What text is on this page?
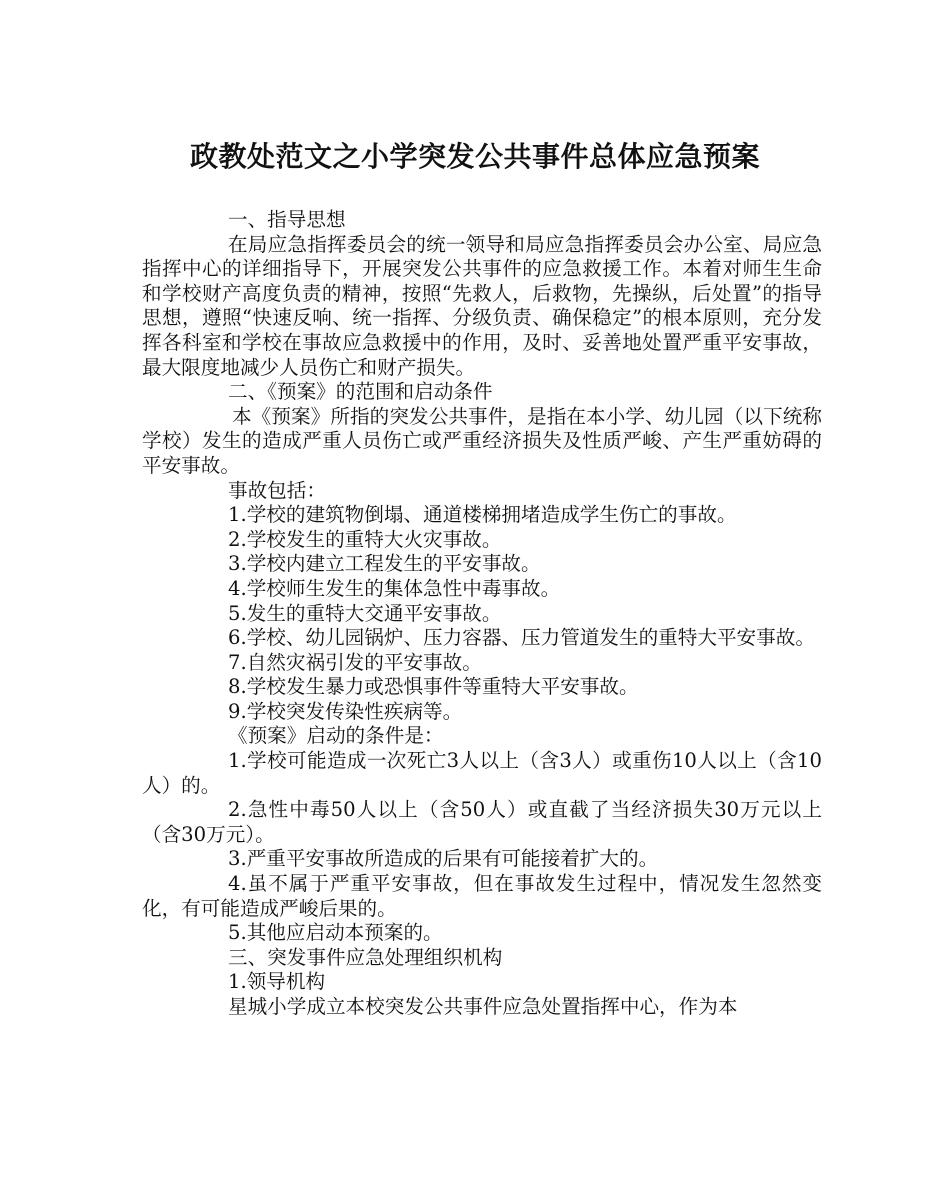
政教处范文之小学突发公共事件总体应急预案

一、指导思想

在局应急指挥委员会的统一领导和局应急指挥委员会办公室、局应急指挥中心的详细指导下，开展突发公共事件的应急救援工作。本着对师生生命和学校财产高度负责的精神，按照“先救人，后救物，先操纵，后处置”的指导思想，遵照“快速反响、统一指挥、分级负责、确保稳定”的根本原则，充分发挥各科室和学校在事故应急救援中的作用，及时、妥善地处置严重平安事故，最大限度地减少人员伤亡和财产损失。

二、《预案》的范围和启动条件

本《预案》所指的突发公共事件，是指在本小学、幼儿园（以下统称学校）发生的造成严重人员伤亡或严重经济损失及性质严峻、产生严重妨碍的平安事故。

事故包括：

1.学校的建筑物倒塌、通道楼梯拥堵造成学生伤亡的事故。

2.学校发生的重特大火灾事故。

3.学校内建立工程发生的平安事故。

4.学校师生发生的集体急性中毒事故。

5.发生的重特大交通平安事故。

6.学校、幼儿园锅炉、压力容器、压力管道发生的重特大平安事故。

7.自然灾祸引发的平安事故。

8.学校发生暴力或恐惧事件等重特大平安事故。

9.学校突发传染性疾病等。

《预案》启动的条件是：

1.学校可能造成一次死亡3人以上（含3人）或重伤10人以上（含10人）的。

2.急性中毒50人以上（含50人）或直截了当经济损失30万元以上（含30万元）。

3.严重平安事故所造成的后果有可能接着扩大的。

4.虽不属于严重平安事故，但在事故发生过程中，情况发生忽然变化，有可能造成严峻后果的。

5.其他应启动本预案的。

三、突发事件应急处理组织机构

1.领导机构

星城小学成立本校突发公共事件应急处置指挥中心，作为本
